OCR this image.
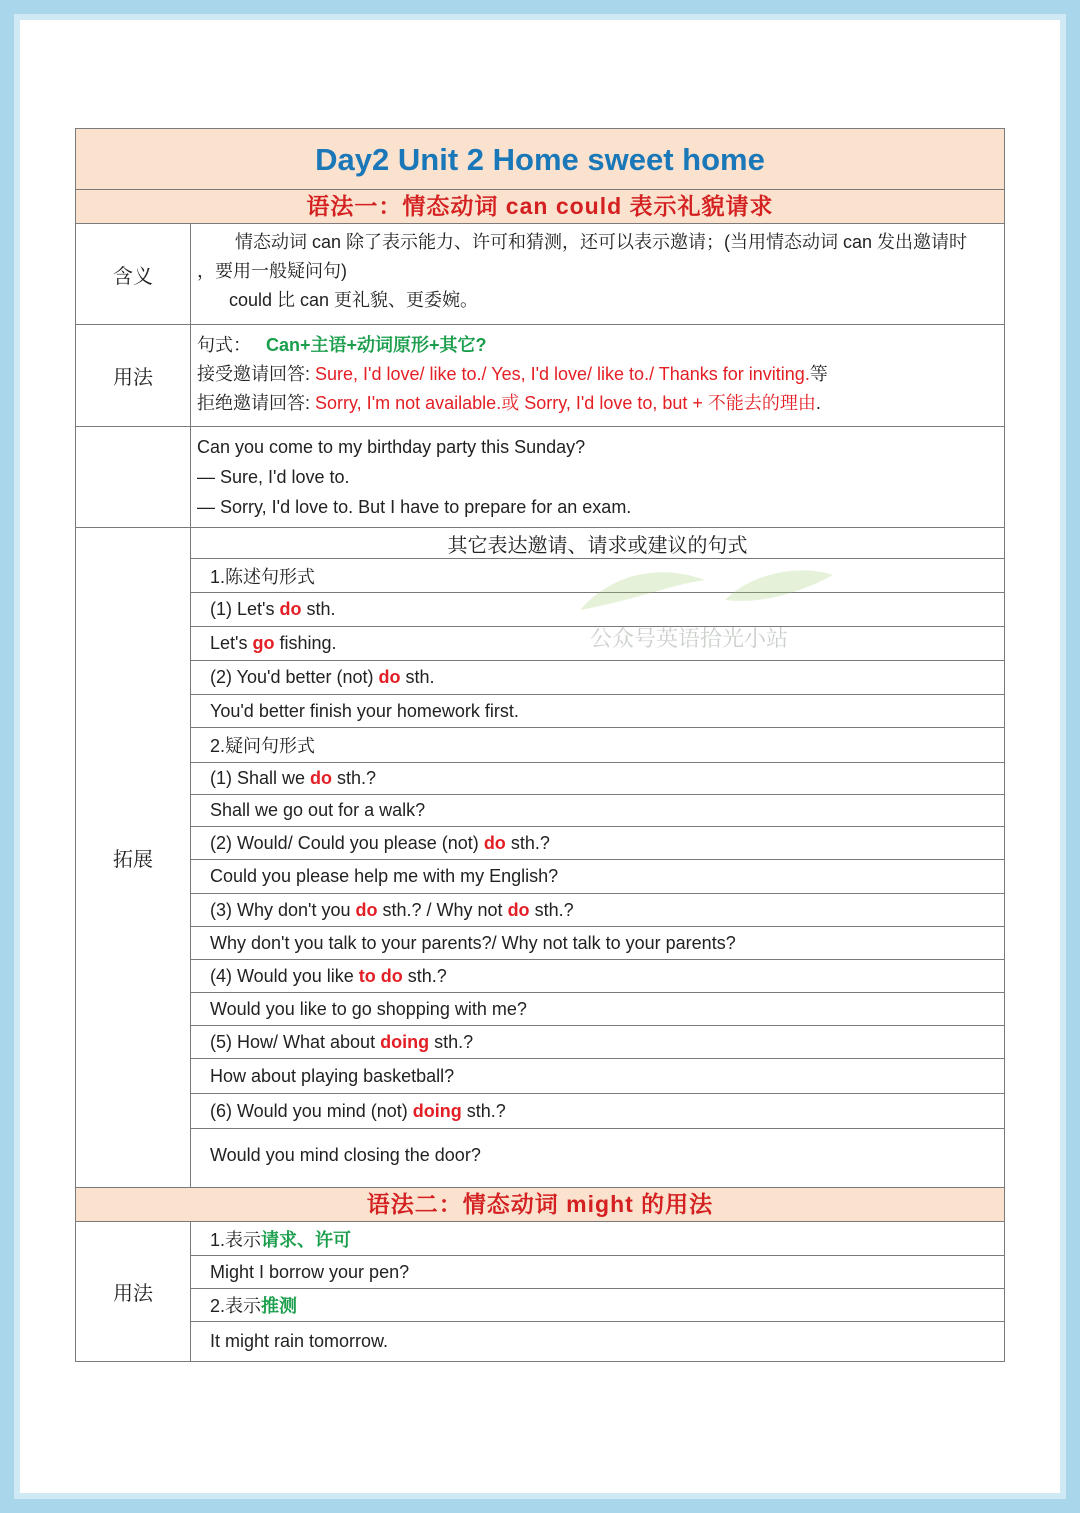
Day2 Unit 2 Home sweet home
语法一：情态动词 can could 表示礼貌请求
含义

情态动词 can 除了表示能力、许可和猜测，还可以表示邀请；(当用情态动词 can 发出邀请时

，要用一般疑问句)

could 比 can 更礼貌、更委婉。

用法

句式： Can+主语+动词原形+其它?

接受邀请回答: Sure, I'd love/ like to./ Yes, I'd love/ like to./ Thanks for inviting.等

拒绝邀请回答: Sorry, I'm not available.或 Sorry, I'd love to, but + 不能去的理由.

Can you come to my birthday party this Sunday?

— Sure, I'd love to.

— Sorry, I'd love to. But I have to prepare for an exam.

拓展
其它表达邀请、请求或建议的句式
1.陈述句形式
(1) Let's do sth.
Let's go fishing.
(2) You'd better (not) do sth.
You'd better finish your homework first.
2.疑问句形式
(1) Shall we do sth.?
Shall we go out for a walk?
(2) Would/ Could you please (not) do sth.?
Could you please help me with my English?
(3) Why don't you do sth.? / Why not do sth.?
Why don't you talk to your parents?/ Why not talk to your parents?
(4) Would you like to do sth.?
Would you like to go shopping with me?
(5) How/ What about doing sth.?
How about playing basketball?
(6) Would you mind (not) doing sth.?
Would you mind closing the door?
语法二：情态动词 might 的用法
用法
1.表示 请求、许可
Might I borrow your pen?
2.表示 推测
It might rain tomorrow.
公众号英语拾光小站
